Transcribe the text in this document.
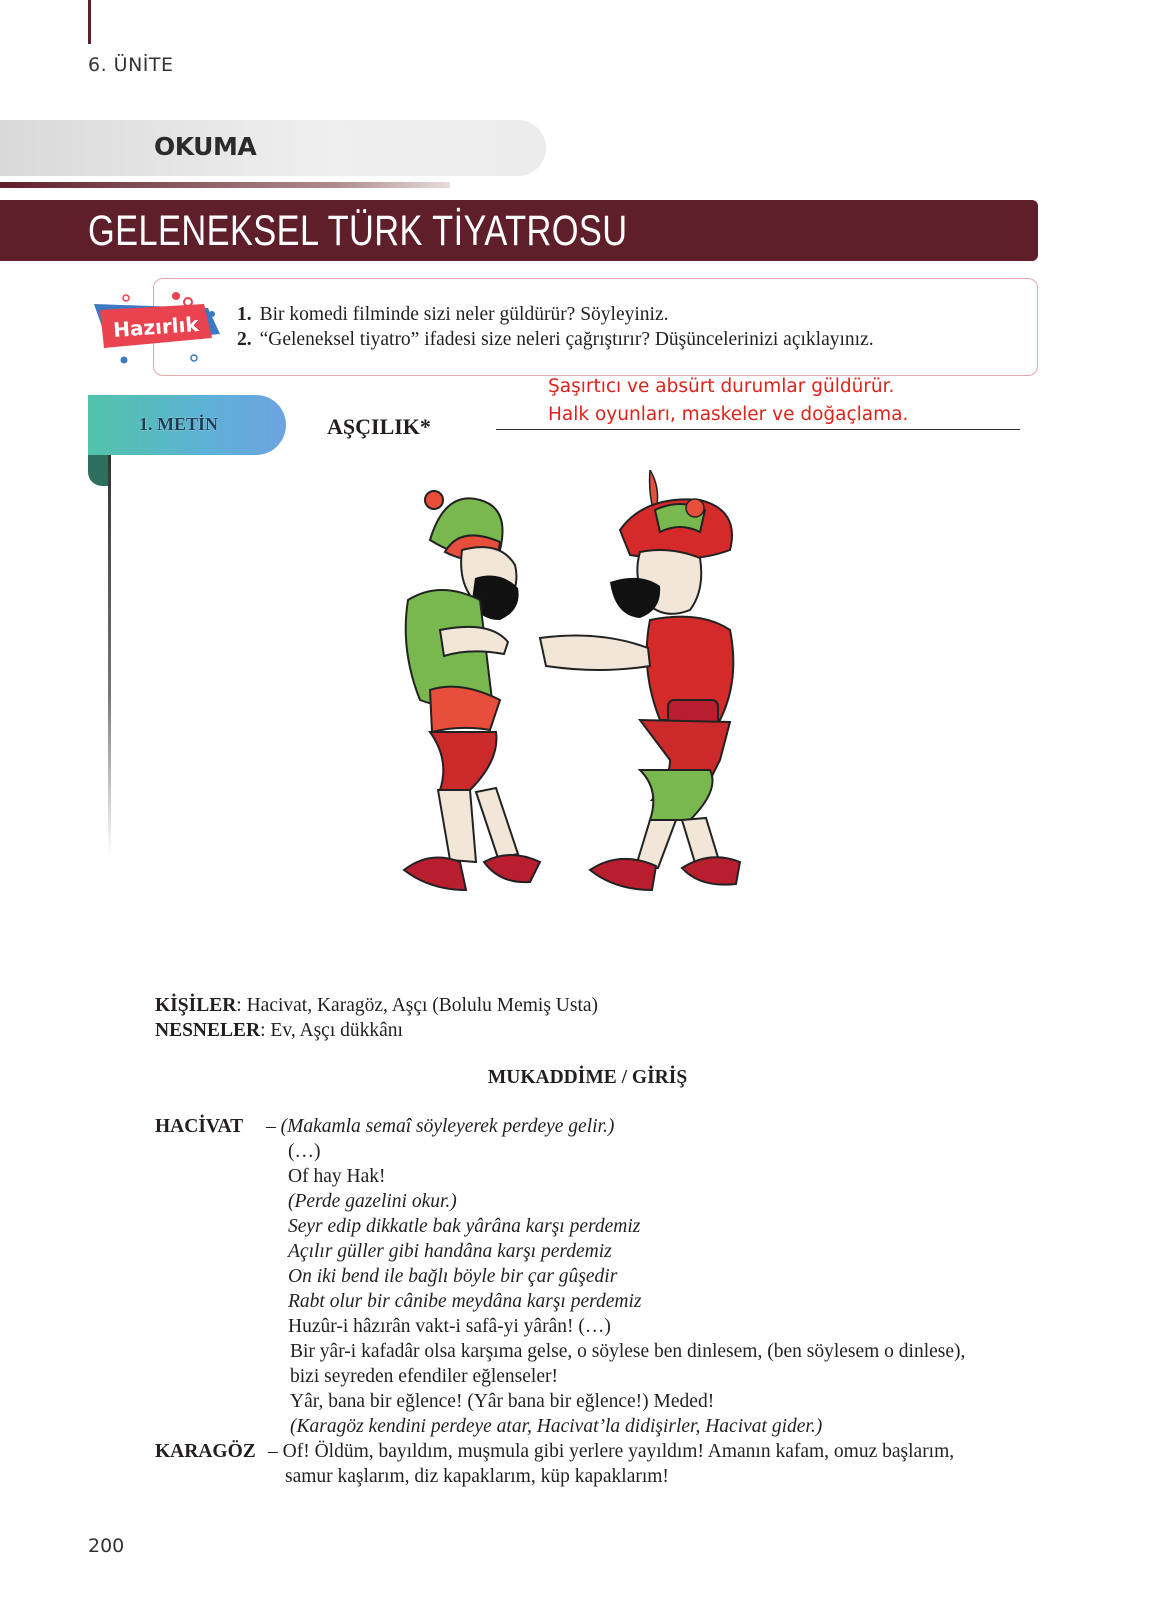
6. ÜNİTE
OKUMA
GELENEKSEL TÜRK TİYATROSU
Hazırlık 1. Bir komedi filminde sizi neler güldürür? Söyleyiniz.
2. “Geleneksel tiyatro” ifadesi size neleri çağrıştırır? Düşüncelerinizi açıklayınız.
Şaşırtıcı ve absürt durumlar güldürür.
Halk oyunları, maskeler ve doğaçlama.
1. METİN	AŞÇILIK*
KİŞİLER: Hacivat, Karagöz, Aşçı (Bolulu Memiş Usta)
NESNELER: Ev, Aşçı dükkânı
MUKADDİME / GİRİŞ
HACİVAT – (Makamla semaî söyleyerek perdeye gelir.)
(…)
Of hay Hak!
(Perde gazelini okur.)
Seyr edip dikkatle bak yârâna karşı perdemiz
Açılır güller gibi handâna karşı perdemiz
On iki bend ile bağlı böyle bir çar gûşedir
Rabt olur bir cânibe meydâna karşı perdemiz
Huzûr-i hâzırân vakt-i safâ-yi yârân! (…)
Bir yâr-i kafadâr olsa karşıma gelse, o söylese ben dinlesem, (ben söylesem o dinlese),
bizi seyreden efendiler eğlenseler!
Yâr, bana bir eğlence! (Yâr bana bir eğlence!) Meded!
(Karagöz kendini perdeye atar, Hacivat’la didişirler, Hacivat gider.)
KARAGÖZ – Of! Öldüm, bayıldım, muşmula gibi yerlere yayıldım! Amanın kafam, omuz başlarım,
samur kaşlarım, diz kapaklarım, küp kapaklarım!
200
